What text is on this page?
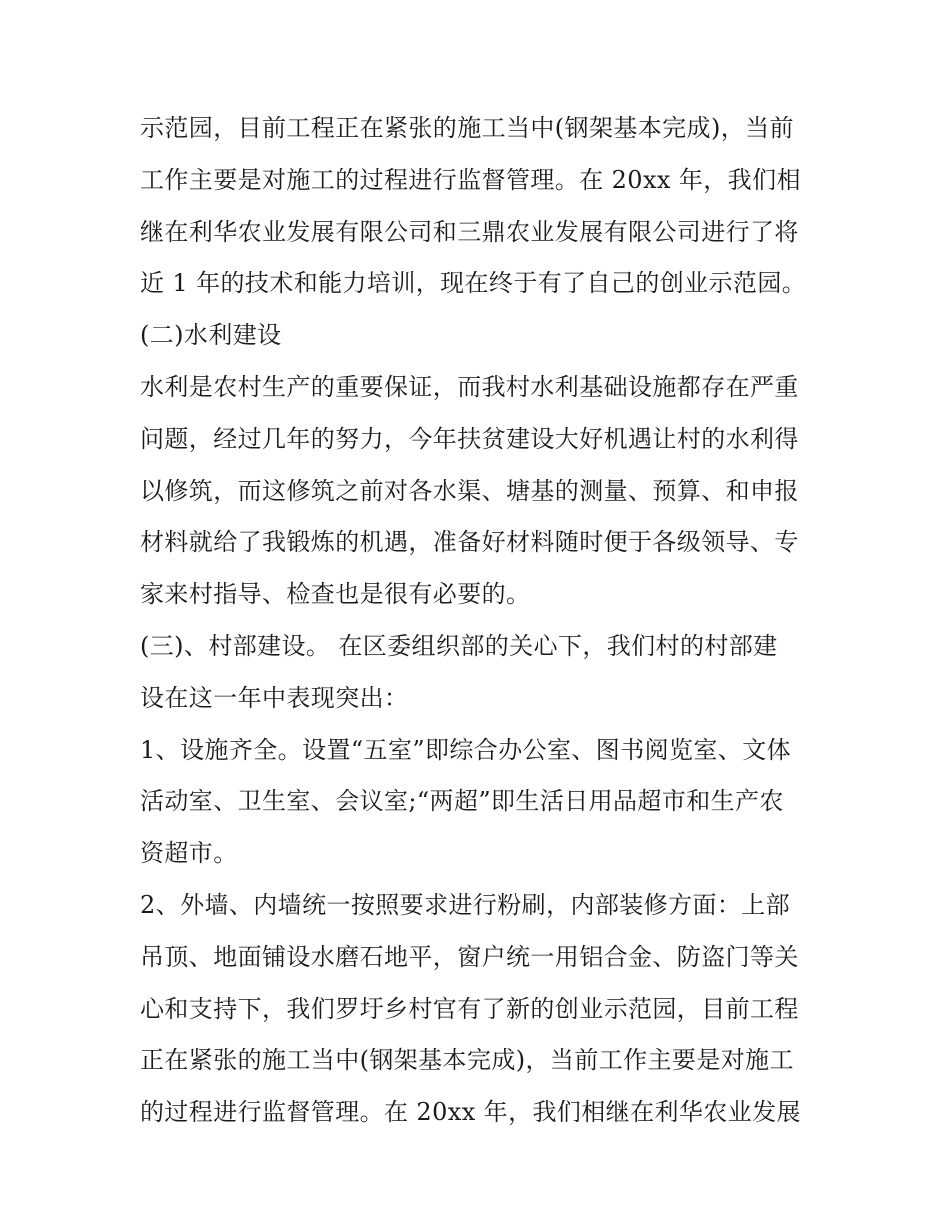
示范园，目前工程正在紧张的施工当中(钢架基本完成)，当前
工作主要是对施工的过程进行监督管理。在 20xx 年，我们相
继在利华农业发展有限公司和三鼎农业发展有限公司进行了将
近 1 年的技术和能力培训，现在终于有了自己的创业示范园。
(二)水利建设
水利是农村生产的重要保证，而我村水利基础设施都存在严重
问题，经过几年的努力，今年扶贫建设大好机遇让村的水利得
以修筑，而这修筑之前对各水渠、塘基的测量、预算、和申报
材料就给了我锻炼的机遇，准备好材料随时便于各级领导、专
家来村指导、检查也是很有必要的。
(三)、村部建设。 在区委组织部的关心下，我们村的村部建
设在这一年中表现突出：
1、设施齐全。设置“五室”即综合办公室、图书阅览室、文体
活动室、卫生室、会议室;“两超”即生活日用品超市和生产农
资超市。
2、外墙、内墙统一按照要求进行粉刷，内部装修方面：上部
吊顶、地面铺设水磨石地平，窗户统一用铝合金、防盗门等关
心和支持下，我们罗圩乡村官有了新的创业示范园，目前工程
正在紧张的施工当中(钢架基本完成)，当前工作主要是对施工
的过程进行监督管理。在 20xx 年，我们相继在利华农业发展
